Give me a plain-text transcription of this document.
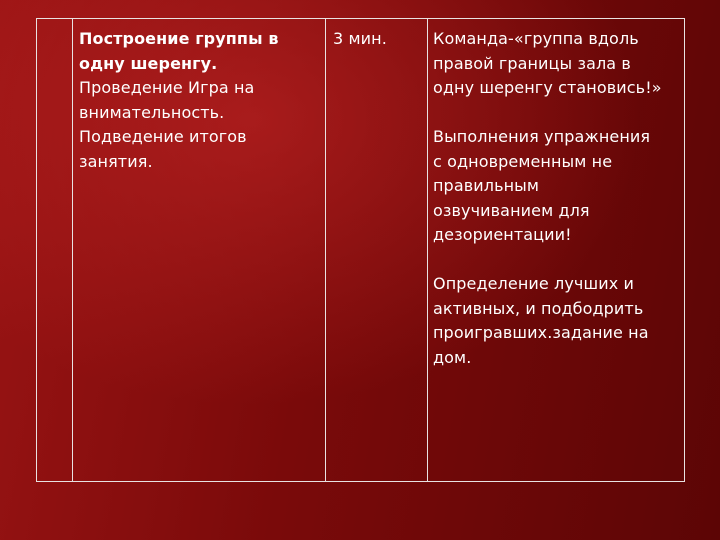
Построение группы в
одну шеренгу.
Проведение Игра на
внимательность.
Подведение итогов
занятия.
3 мин.	Команда-«группа вдоль
правой границы зала в
одну шеренгу становись!»
Выполнения упражнения
с одновременным не
правильным
озвучиванием для
дезориентации!
Определение лучших и
активных, и подбодрить
проигравших.задание на
дом.
